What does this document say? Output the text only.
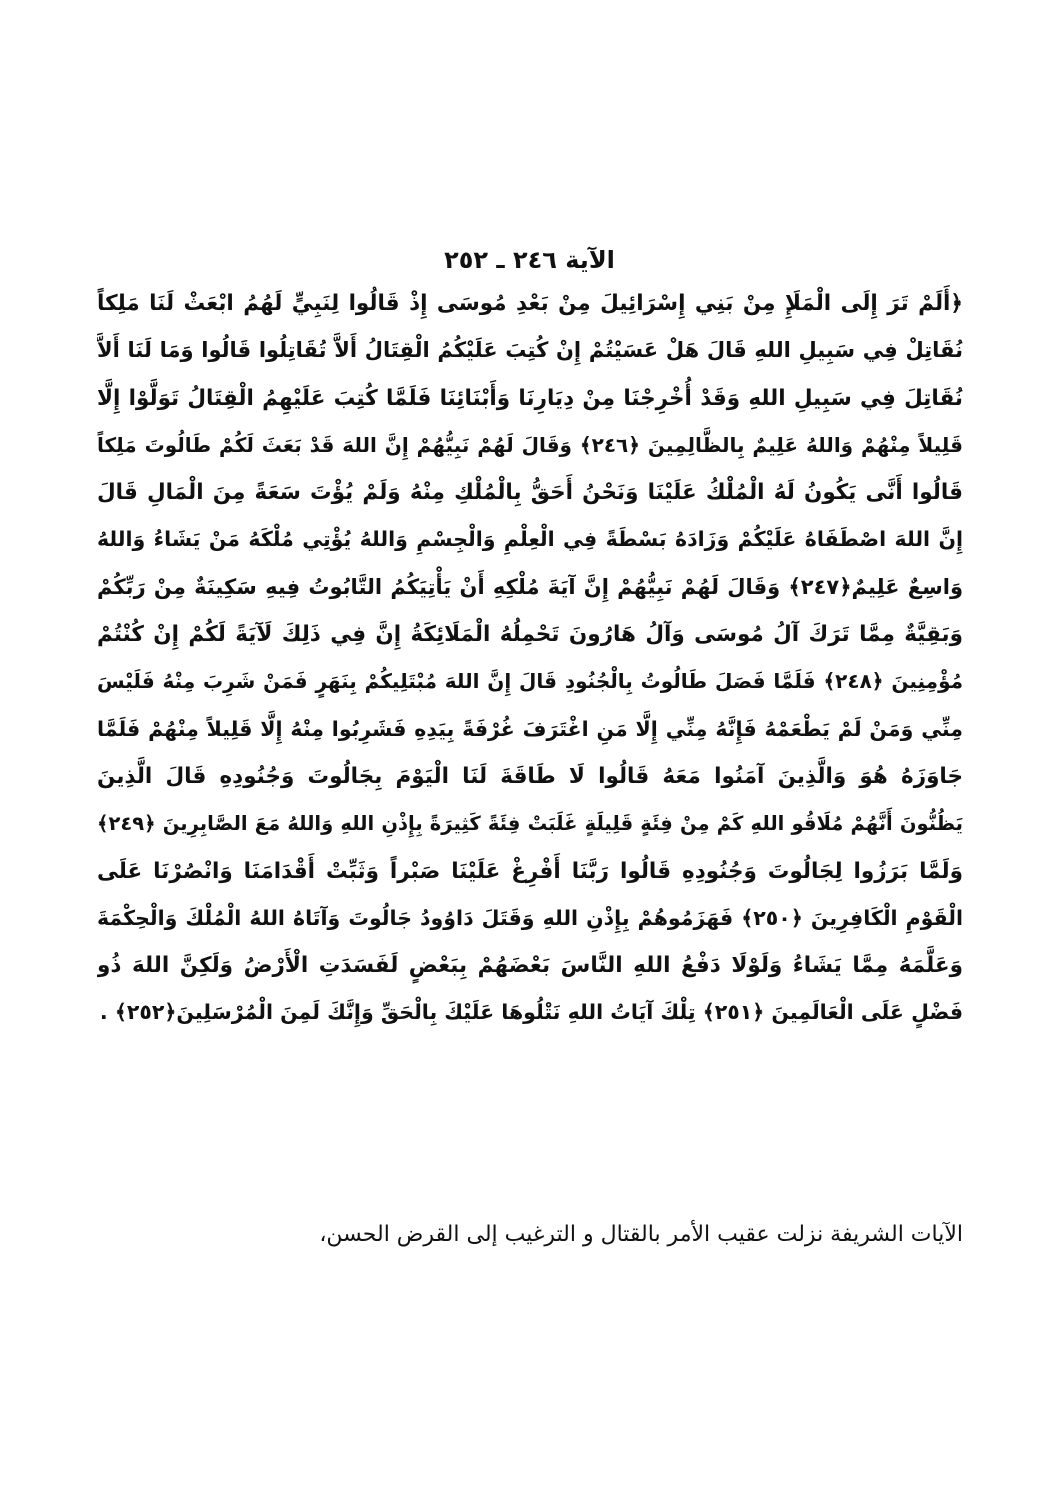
الآية ٢٤٦ ـ ٢٥٢
﴿أَلَمْ تَرَ إِلَى الْمَلَإِ مِنْ بَنِي إِسْرَائِيلَ مِنْ بَعْدِ مُوسَى إِذْ قَالُوا لِنَبِيٍّ لَهُمُ ابْعَثْ لَنَا مَلِكاً
نُقَاتِلْ فِي سَبِيلِ اللهِ قَالَ هَلْ عَسَيْتُمْ إِنْ كُتِبَ عَلَيْكُمُ الْقِتَالُ أَلاَّ تُقَاتِلُوا قَالُوا وَمَا لَنَا أَلاَّ
نُقَاتِلَ فِي سَبِيلِ اللهِ وَقَدْ أُخْرِجْنَا مِنْ دِيَارِنَا وَأَبْنَائِنَا فَلَمَّا كُتِبَ عَلَيْهِمُ الْقِتَالُ تَوَلَّوْا إِلَّا
قَلِيلاً مِنْهُمْ وَاللهُ عَلِيمٌ بِالظَّالِمِينَ ﴿٢٤٦﴾ وَقَالَ لَهُمْ نَبِيُّهُمْ إِنَّ اللهَ قَدْ بَعَثَ لَكُمْ طَالُوتَ مَلِكاً
قَالُوا أَنَّى يَكُونُ لَهُ الْمُلْكُ عَلَيْنَا وَنَحْنُ أَحَقُّ بِالْمُلْكِ مِنْهُ وَلَمْ يُؤْتَ سَعَةً مِنَ الْمَالِ قَالَ
إِنَّ اللهَ اصْطَفَاهُ عَلَيْكُمْ وَزَادَهُ بَسْطَةً فِي الْعِلْمِ وَالْجِسْمِ وَاللهُ يُؤْتِي مُلْكَهُ مَنْ يَشَاءُ وَاللهُ
وَاسِعٌ عَلِيمٌ﴿٢٤٧﴾ وَقَالَ لَهُمْ نَبِيُّهُمْ إِنَّ آيَةَ مُلْكِهِ أَنْ يَأْتِيَكُمُ التَّابُوتُ فِيهِ سَكِينَةٌ مِنْ رَبِّكُمْ
وَبَقِيَّةٌ مِمَّا تَرَكَ آلُ مُوسَى وَآلُ هَارُونَ تَحْمِلُهُ الْمَلَائِكَةُ إِنَّ فِي ذَلِكَ لَآيَةً لَكُمْ إِنْ كُنْتُمْ
مُؤْمِنِينَ ﴿٢٤٨﴾ فَلَمَّا فَصَلَ طَالُوتُ بِالْجُنُودِ قَالَ إِنَّ اللهَ مُبْتَلِيكُمْ بِنَهَرٍ فَمَنْ شَرِبَ مِنْهُ فَلَيْسَ
مِنِّي وَمَنْ لَمْ يَطْعَمْهُ فَإِنَّهُ مِنِّي إِلَّا مَنِ اغْتَرَفَ غُرْفَةً بِيَدِهِ فَشَرِبُوا مِنْهُ إِلَّا قَلِيلاً مِنْهُمْ فَلَمَّا
جَاوَزَهُ هُوَ وَالَّذِينَ آمَنُوا مَعَهُ قَالُوا لَا طَاقَةَ لَنَا الْيَوْمَ بِجَالُوتَ وَجُنُودِهِ قَالَ الَّذِينَ
يَظُنُّونَ أَنَّهُمْ مُلَاقُو اللهِ كَمْ مِنْ فِئَةٍ قَلِيلَةٍ غَلَبَتْ فِئَةً كَثِيرَةً بِإِذْنِ اللهِ وَاللهُ مَعَ الصَّابِرِينَ ﴿٢٤٩﴾
وَلَمَّا بَرَزُوا لِجَالُوتَ وَجُنُودِهِ قَالُوا رَبَّنَا أَفْرِغْ عَلَيْنَا صَبْراً وَثَبِّتْ أَقْدَامَنَا وَانْصُرْنَا عَلَى
الْقَوْمِ الْكَافِرِينَ ﴿٢٥٠﴾ فَهَزَمُوهُمْ بِإِذْنِ اللهِ وَقَتَلَ دَاوُودُ جَالُوتَ وَآتَاهُ اللهُ الْمُلْكَ وَالْحِكْمَةَ
وَعَلَّمَهُ مِمَّا يَشَاءُ وَلَوْلَا دَفْعُ اللهِ النَّاسَ بَعْضَهُمْ بِبَعْضٍ لَفَسَدَتِ الْأَرْضُ وَلَكِنَّ اللهَ ذُو
فَضْلٍ عَلَى الْعَالَمِينَ ﴿٢٥١﴾ تِلْكَ آيَاتُ اللهِ نَتْلُوهَا عَلَيْكَ بِالْحَقِّ وَإِنَّكَ لَمِنَ الْمُرْسَلِينَ﴿٢٥٢﴾ .
الآيات الشريفة نزلت عقيب الأمر بالقتال و الترغيب إلى القرض الحسن،
